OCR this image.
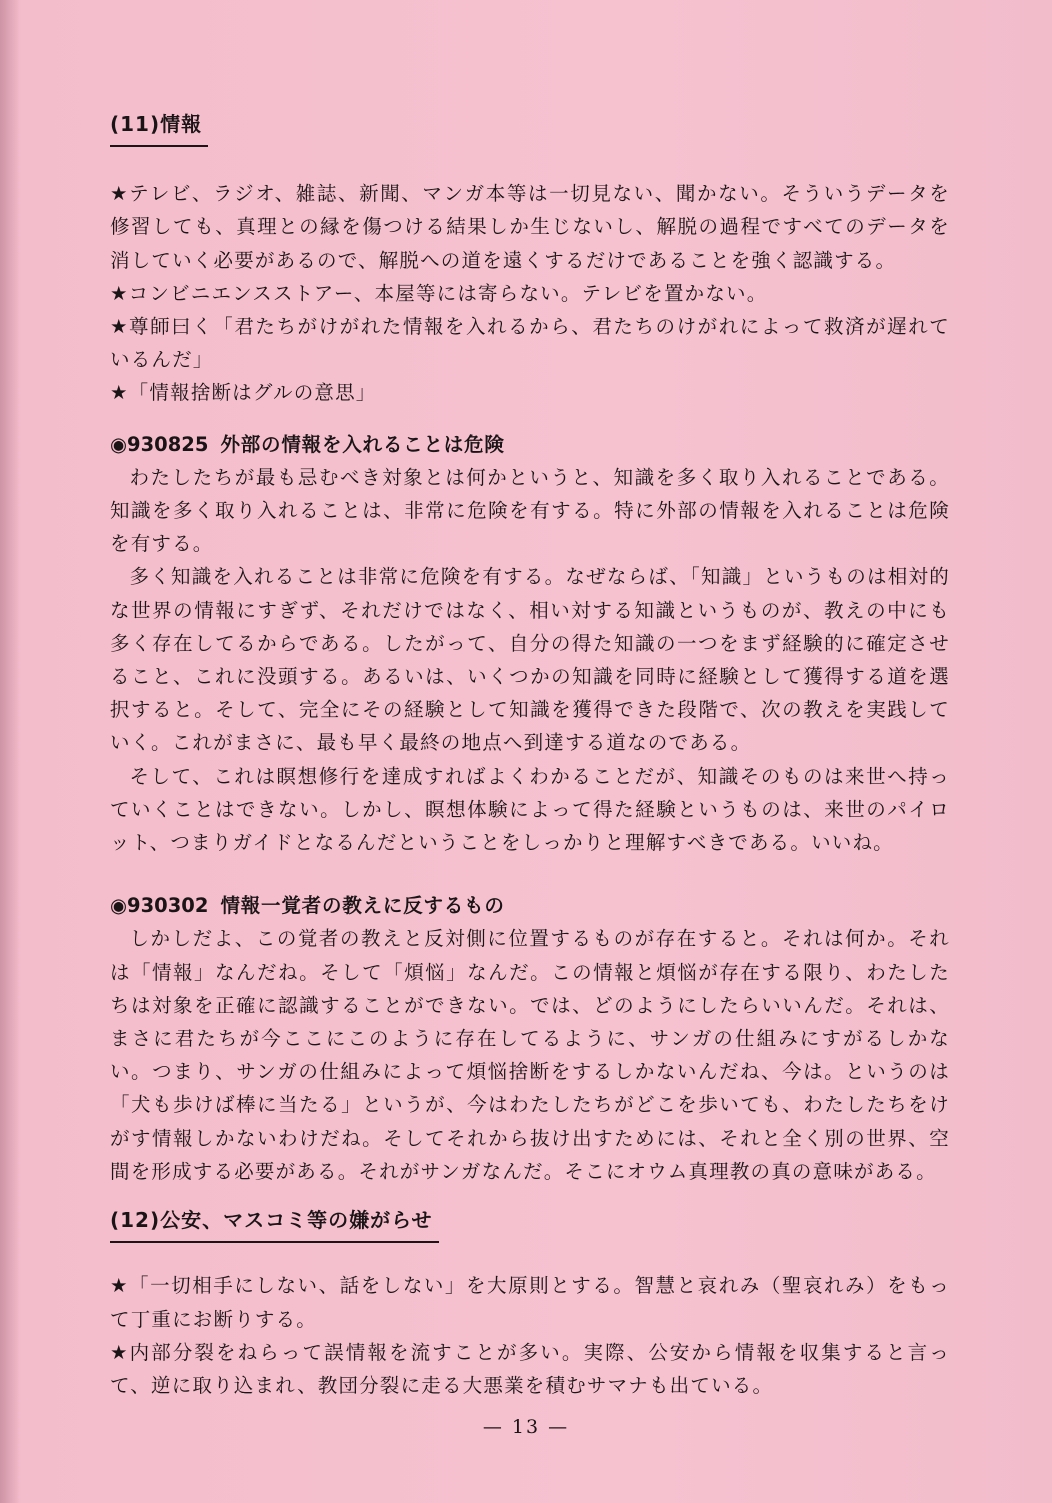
(11)情報

★テレビ、ラジオ、雑誌、新聞、マンガ本等は一切見ない、聞かない。そういうデータを修習しても、真理との縁を傷つける結果しか生じないし、解脱の過程ですべてのデータを消していく必要があるので、解脱への道を遠くするだけであることを強く認識する。

★コンビニエンスストアー、本屋等には寄らない。テレビを置かない。

★尊師曰く「君たちがけがれた情報を入れるから、君たちのけがれによって救済が遅れているんだ」

★「情報捨断はグルの意思」

◉930825 外部の情報を入れることは危険

わたしたちが最も忌むべき対象とは何かというと、知識を多く取り入れることである。知識を多く取り入れることは、非常に危険を有する。特に外部の情報を入れることは危険を有する。

多く知識を入れることは非常に危険を有する。なぜならば、「知識」というものは相対的な世界の情報にすぎず、それだけではなく、相い対する知識というものが、教えの中にも多く存在してるからである。したがって、自分の得た知識の一つをまず経験的に確定させること、これに没頭する。あるいは、いくつかの知識を同時に経験として獲得する道を選択すると。そして、完全にその経験として知識を獲得できた段階で、次の教えを実践していく。これがまさに、最も早く最終の地点へ到達する道なのである。

そして、これは瞑想修行を達成すればよくわかることだが、知識そのものは来世へ持っていくことはできない。しかし、瞑想体験によって得た経験というものは、来世のパイロット、つまりガイドとなるんだということをしっかりと理解すべきである。いいね。

◉930302 情報一覚者の教えに反するもの

しかしだよ、この覚者の教えと反対側に位置するものが存在すると。それは何か。それは「情報」なんだね。そして「煩悩」なんだ。この情報と煩悩が存在する限り、わたしたちは対象を正確に認識することができない。では、どのようにしたらいいんだ。それは、まさに君たちが今ここにこのように存在してるように、サンガの仕組みにすがるしかない。つまり、サンガの仕組みによって煩悩捨断をするしかないんだね、今は。というのは「犬も歩けば棒に当たる」というが、今はわたしたちがどこを歩いても、わたしたちをけがす情報しかないわけだね。そしてそれから抜け出すためには、それと全く別の世界、空間を形成する必要がある。それがサンガなんだ。そこにオウム真理教の真の意味がある。

(12)公安、マスコミ等の嫌がらせ

★「一切相手にしない、話をしない」を大原則とする。智慧と哀れみ（聖哀れみ）をもって丁重にお断りする。

★内部分裂をねらって誤情報を流すことが多い。実際、公安から情報を収集すると言って、逆に取り込まれ、教団分裂に走る大悪業を積むサマナも出ている。

— 13 —
